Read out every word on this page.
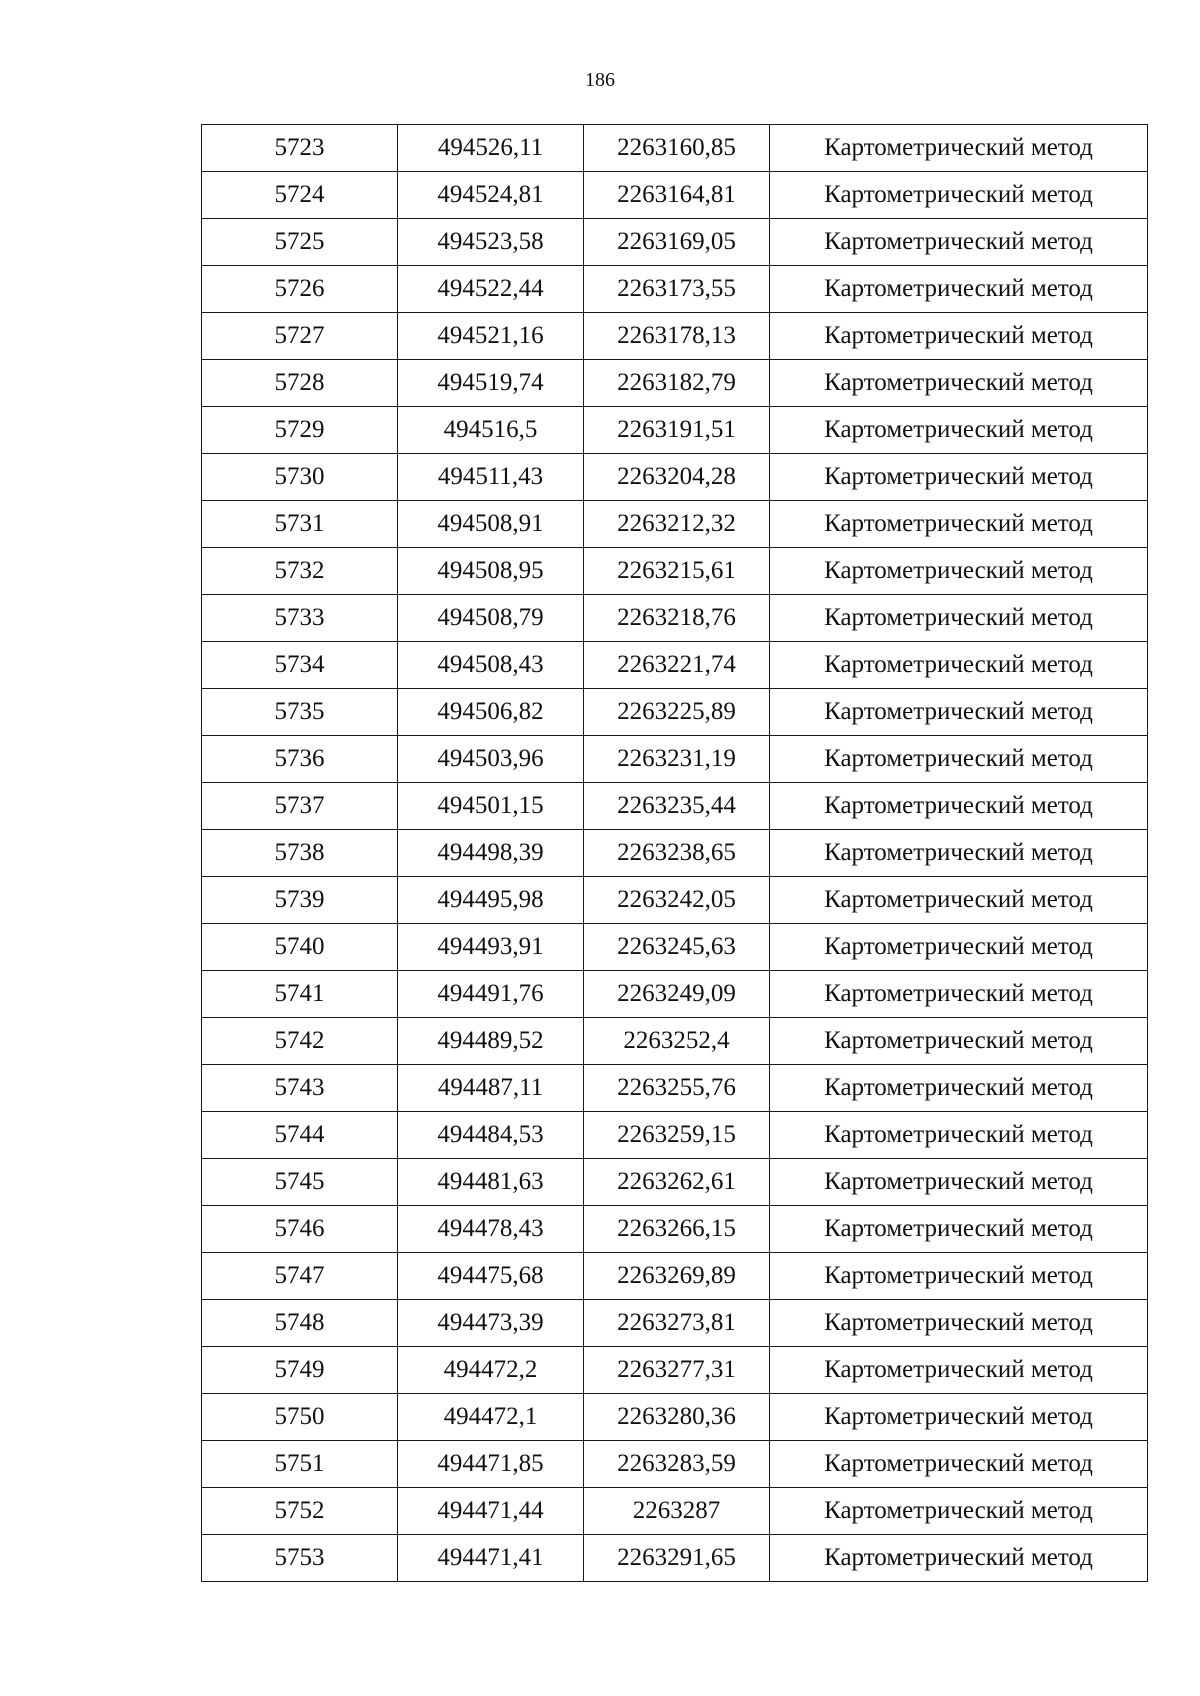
186
5723	494526,11	2263160,85	Картометрический метод
5724	494524,81	2263164,81	Картометрический метод
5725	494523,58	2263169,05	Картометрический метод
5726	494522,44	2263173,55	Картометрический метод
5727	494521,16	2263178,13	Картометрический метод
5728	494519,74	2263182,79	Картометрический метод
5729	494516,5	2263191,51	Картометрический метод
5730	494511,43	2263204,28	Картометрический метод
5731	494508,91	2263212,32	Картометрический метод
5732	494508,95	2263215,61	Картометрический метод
5733	494508,79	2263218,76	Картометрический метод
5734	494508,43	2263221,74	Картометрический метод
5735	494506,82	2263225,89	Картометрический метод
5736	494503,96	2263231,19	Картометрический метод
5737	494501,15	2263235,44	Картометрический метод
5738	494498,39	2263238,65	Картометрический метод
5739	494495,98	2263242,05	Картометрический метод
5740	494493,91	2263245,63	Картометрический метод
5741	494491,76	2263249,09	Картометрический метод
5742	494489,52	2263252,4	Картометрический метод
5743	494487,11	2263255,76	Картометрический метод
5744	494484,53	2263259,15	Картометрический метод
5745	494481,63	2263262,61	Картометрический метод
5746	494478,43	2263266,15	Картометрический метод
5747	494475,68	2263269,89	Картометрический метод
5748	494473,39	2263273,81	Картометрический метод
5749	494472,2	2263277,31	Картометрический метод
5750	494472,1	2263280,36	Картометрический метод
5751	494471,85	2263283,59	Картометрический метод
5752	494471,44	2263287	Картометрический метод
5753	494471,41	2263291,65	Картометрический метод
